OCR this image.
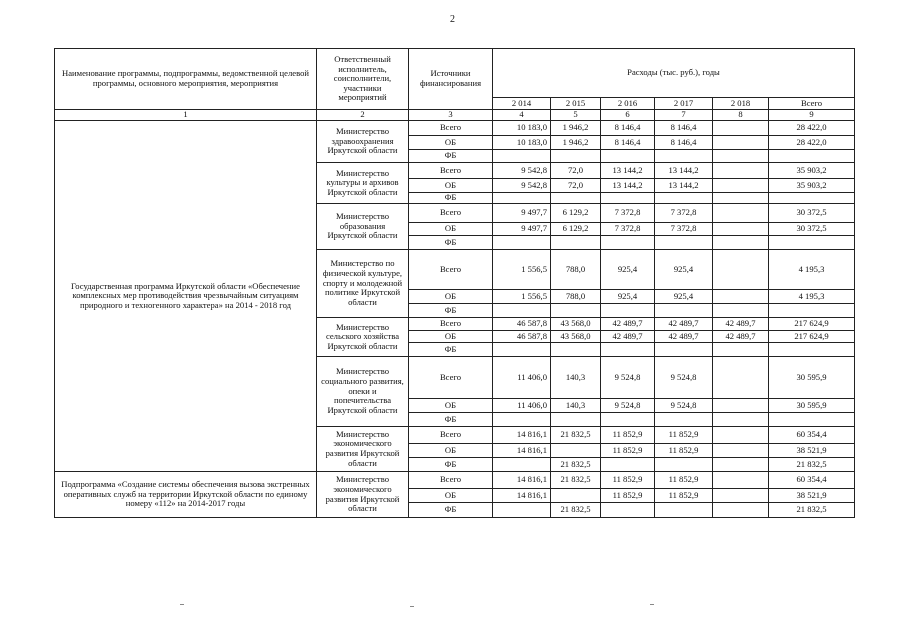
2
Наименование программы, подпрограммы, ведомственной целевой программы, основного мероприятия, мероприятия	Ответственный исполнитель, соисполнители, участники мероприятий	Источники финансирования	Расходы (тыс. руб.), годы					
			2 014	2 015	2 016	2 017	2 018	Всего
1	2	3	4	5	6	7	8	9
Государственная программа Иркутской области «Обеспечение комплексных мер противодействия чрезвычайным ситуациям природного и техногенного характера» на 2014 - 2018 год	Министерство здравоохранения Иркутской области	Всего	10 183,0	1 946,2	8 146,4	8 146,4		28 422,0
		ОБ	10 183,0	1 946,2	8 146,4	8 146,4		28 422,0
		ФБ						
	Министерство культуры и архивов Иркутской области	Всего	9 542,8	72,0	13 144,2	13 144,2		35 903,2
		ОБ	9 542,8	72,0	13 144,2	13 144,2		35 903,2
		ФБ						
	Министерство образования Иркутской области	Всего	9 497,7	6 129,2	7 372,8	7 372,8		30 372,5
		ОБ	9 497,7	6 129,2	7 372,8	7 372,8		30 372,5
		ФБ						
	Министерство по физической культуре, спорту и молодежной политике Иркутской области	Всего	1 556,5	788,0	925,4	925,4		4 195,3
		ОБ	1 556,5	788,0	925,4	925,4		4 195,3
		ФБ						
	Министерство сельского хозяйства Иркутской области	Всего	46 587,8	43 568,0	42 489,7	42 489,7	42 489,7	217 624,9
		ОБ	46 587,8	43 568,0	42 489,7	42 489,7	42 489,7	217 624,9
		ФБ						
	Министерство социального развития, опеки и попечительства Иркутской области	Всего	11 406,0	140,3	9 524,8	9 524,8		30 595,9
		ОБ	11 406,0	140,3	9 524,8	9 524,8		30 595,9
		ФБ						
	Министерство экономического развития Иркутской области	Всего	14 816,1	21 832,5	11 852,9	11 852,9		60 354,4
		ОБ	14 816,1		11 852,9	11 852,9		38 521,9
		ФБ		21 832,5				21 832,5
Подпрограмма «Создание системы обеспечения вызова экстренных оперативных служб на территории Иркутской области по единому номеру «112» на 2014-2017 годы	Министерство экономического развития Иркутской области	Всего	14 816,1	21 832,5	11 852,9	11 852,9		60 354,4
		ОБ	14 816,1		11 852,9	11 852,9		38 521,9
		ФБ		21 832,5				21 832,5
